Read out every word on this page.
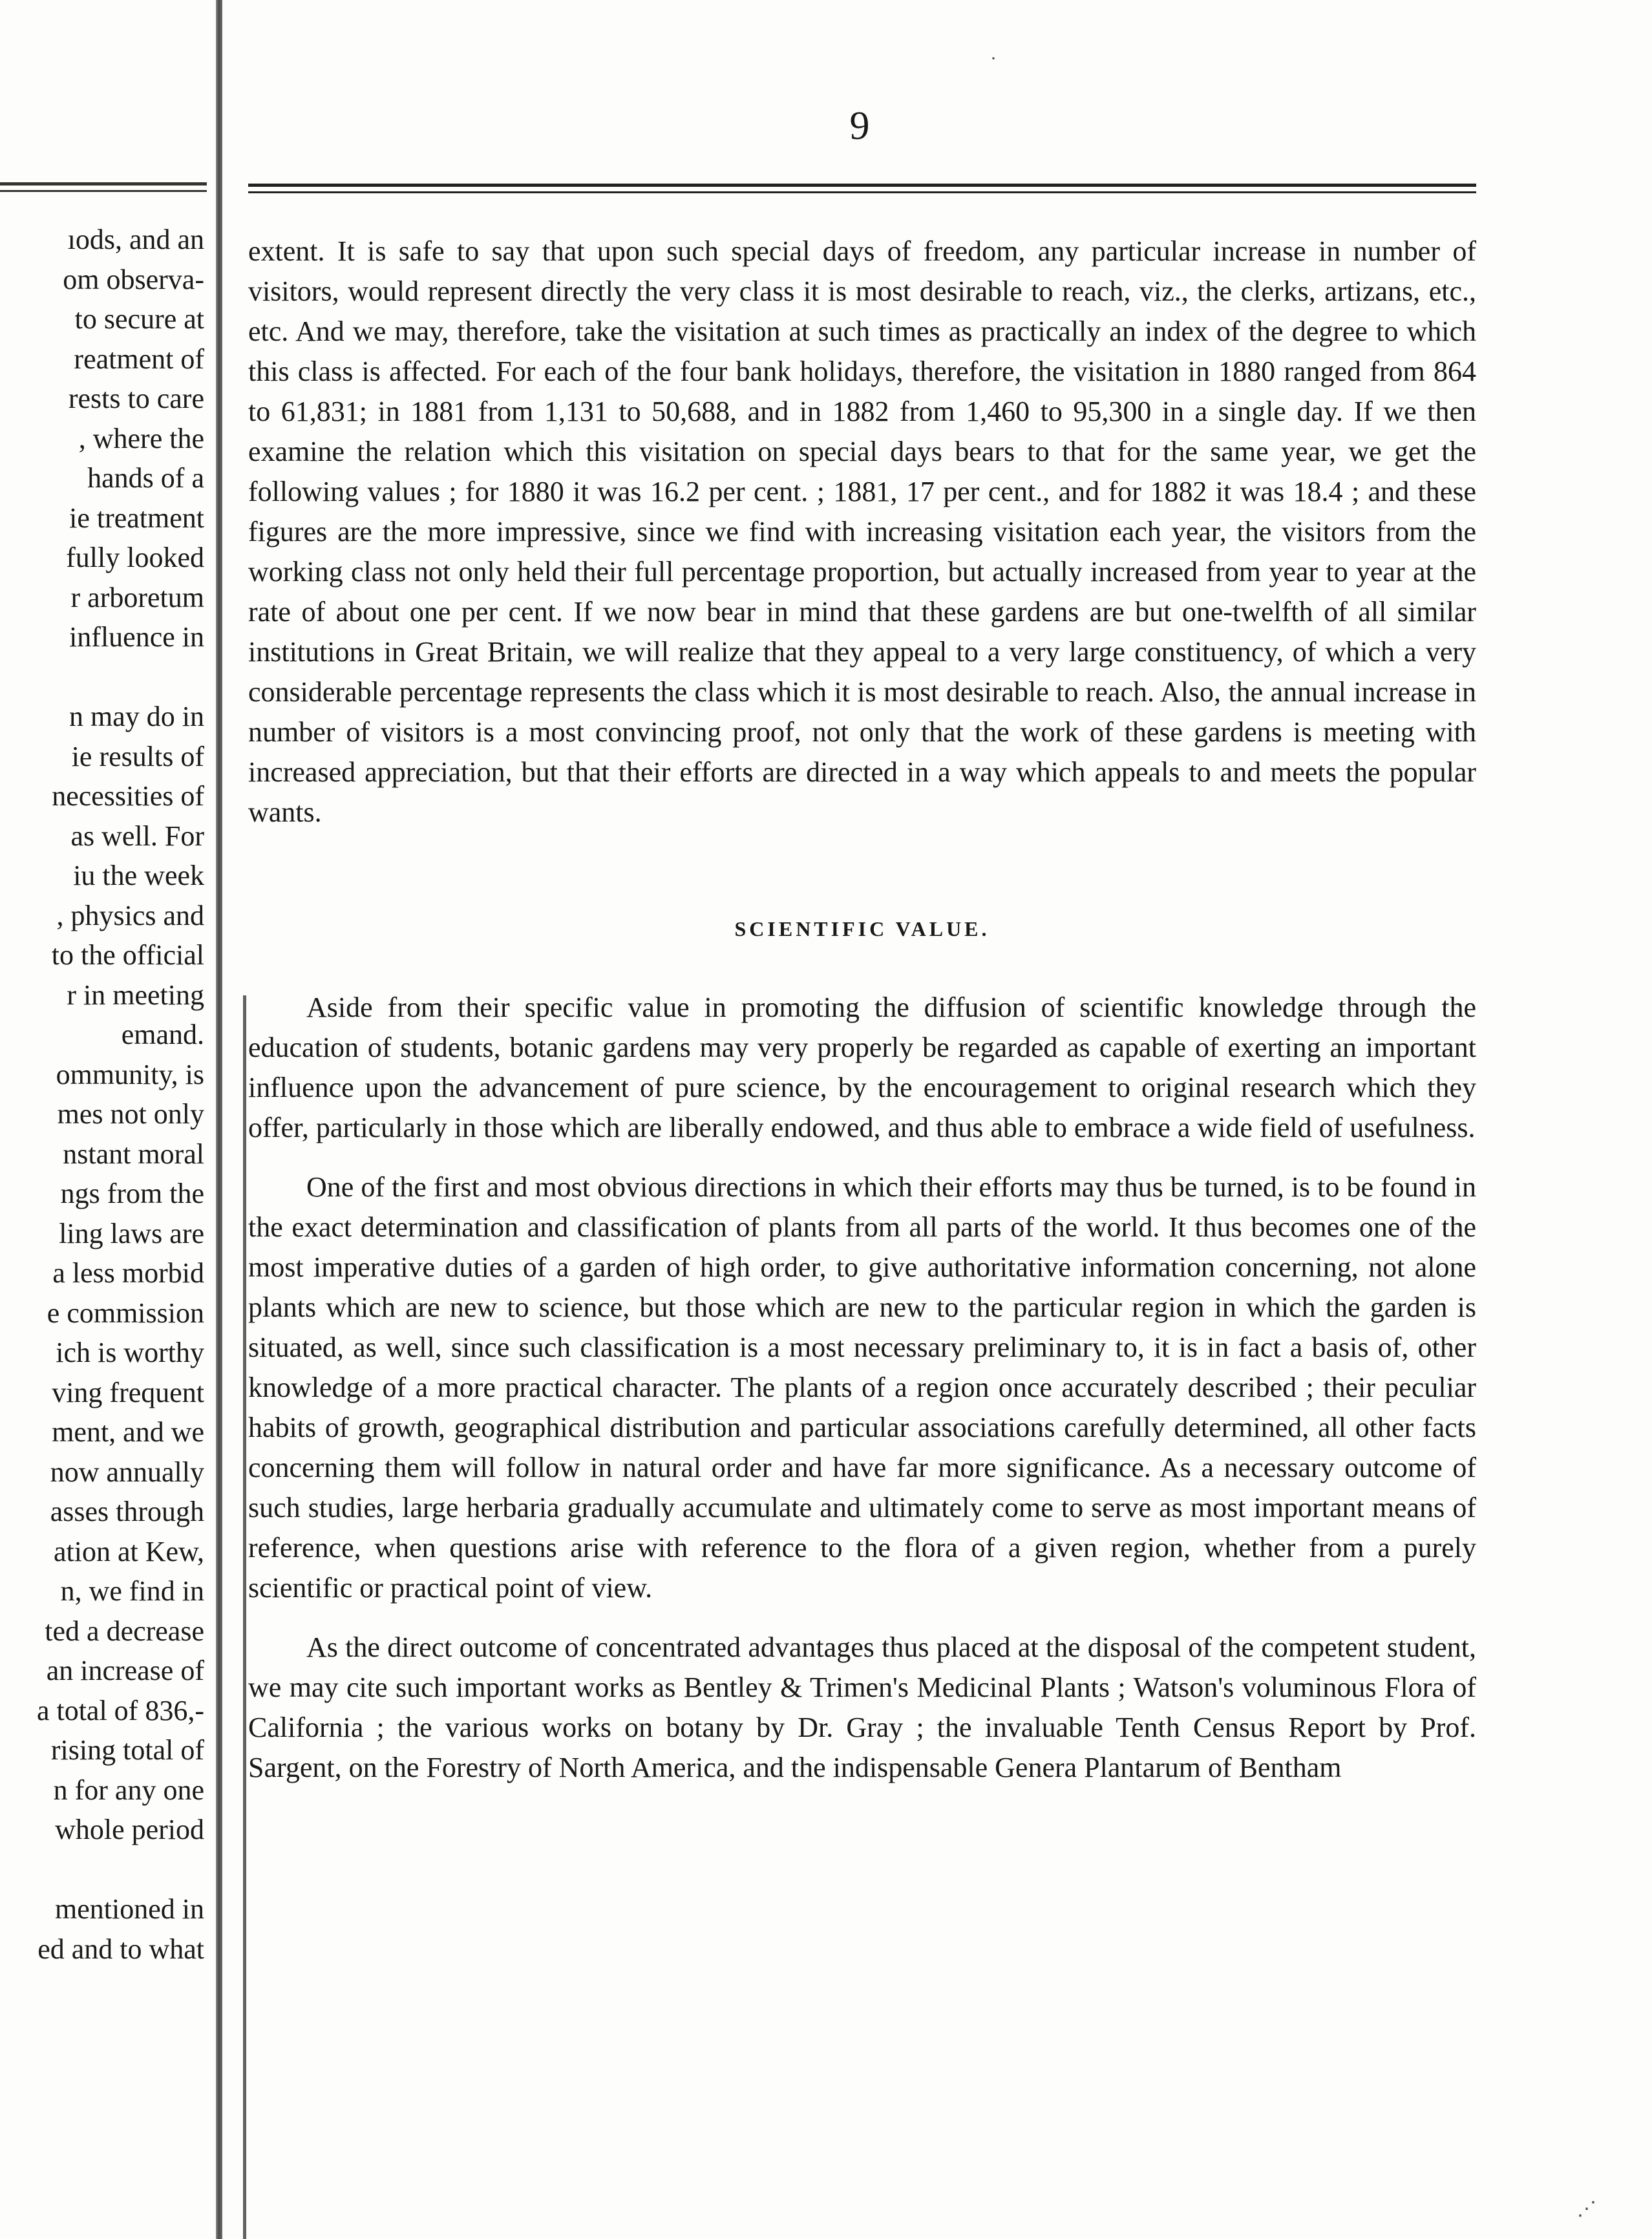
9
ıods, and an
om observa-
to secure at
reatment of
rests to care
, where the
hands of a
ie treatment
fully looked
r arboretum
influence in
n may do in
ie results of
necessities of
as well. For
iu the week
, physics and
to the official
r in meeting
emand.
ommunity, is
mes not only
nstant moral
ngs from the
ling laws are
a less morbid
e commission
ich is worthy
ving frequent
ment, and we
now annually
asses through
ation at Kew,
n, we find in
ted a decrease
an increase of
a total of 836,-
rising total of
n for any one
whole period
mentioned in
ed and to what

extent. It is safe to say that upon such special days of freedom, any particular increase in number of visitors, would represent directly the very class it is most desirable to reach, viz., the clerks, artizans, etc., etc. And we may, therefore, take the visitation at such times as practically an index of the degree to which this class is affected. For each of the four bank holidays, therefore, the visitation in 1880 ranged from 864 to 61,831; in 1881 from 1,131 to 50,688, and in 1882 from 1,460 to 95,300 in a single day. If we then examine the relation which this visitation on special days bears to that for the same year, we get the following values ; for 1880 it was 16.2 per cent. ; 1881, 17 per cent., and for 1882 it was 18.4 ; and these figures are the more impressive, since we find with increasing visitation each year, the visitors from the working class not only held their full percentage proportion, but actually increased from year to year at the rate of about one per cent. If we now bear in mind that these gardens are but one-twelfth of all similar institutions in Great Britain, we will realize that they appeal to a very large constituency, of which a very considerable percentage represents the class which it is most desirable to reach. Also, the annual increase in number of visitors is a most convincing proof, not only that the work of these gardens is meeting with increased appreciation, but that their efforts are directed in a way which appeals to and meets the popular wants.

SCIENTIFIC VALUE.

Aside from their specific value in promoting the diffusion of scientific knowledge through the education of students, botanic gardens may very properly be regarded as capable of exerting an important influence upon the advancement of pure science, by the encouragement to original research which they offer, particularly in those which are liberally endowed, and thus able to embrace a wide field of usefulness.

One of the first and most obvious directions in which their efforts may thus be turned, is to be found in the exact determination and classification of plants from all parts of the world. It thus becomes one of the most imperative duties of a garden of high order, to give authoritative information concerning, not alone plants which are new to science, but those which are new to the particular region in which the garden is situated, as well, since such classification is a most necessary preliminary to, it is in fact a basis of, other knowledge of a more practical character. The plants of a region once accurately described ; their peculiar habits of growth, geographical distribution and particular associations carefully determined, all other facts concerning them will follow in natural order and have far more significance. As a necessary outcome of such studies, large herbaria gradually accumulate and ultimately come to serve as most important means of reference, when questions arise with reference to the flora of a given region, whether from a purely scientific or practical point of view.

As the direct outcome of concentrated advantages thus placed at the disposal of the competent student, we may cite such important works as Bentley & Trimen's Medicinal Plants ; Watson's voluminous Flora of California ; the various works on botany by Dr. Gray ; the invaluable Tenth Census Report by Prof. Sargent, on the Forestry of North America, and the indispensable Genera Plantarum of Bentham

·
⋰
